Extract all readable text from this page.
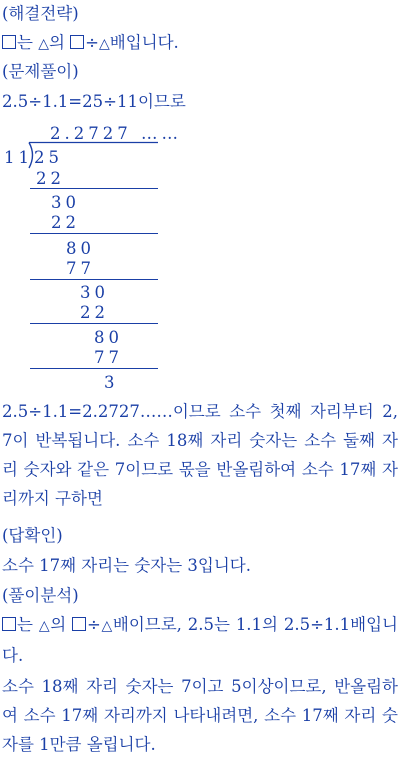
(해결전략)
는 △의 ÷△배입니다.
(문제풀이)
2.5÷1.1=25÷11이므로
2.2727 ……
11 25
22
30
22
80
77
30
22
80
77
3
2.5÷1.1=2.2727……이므로 소수 첫째 자리부터 2, 7이 반복됩니다. 소수 18째 자리 숫자는 소수 둘째 자리 숫자와 같은 7이므로 몫을 반올림하여 소수 17째 자리까지 구하면
(답확인)
소수 17째 자리는 숫자는 3입니다.
(풀이분석)
는 △의 ÷△배이므로, 2.5는 1.1의 2.5÷1.1배입니다.
소수 18째 자리 숫자는 7이고 5이상이므로, 반올림하여 소수 17째 자리까지 나타내려면, 소수 17째 자리 숫자를 1만큼 올립니다.
